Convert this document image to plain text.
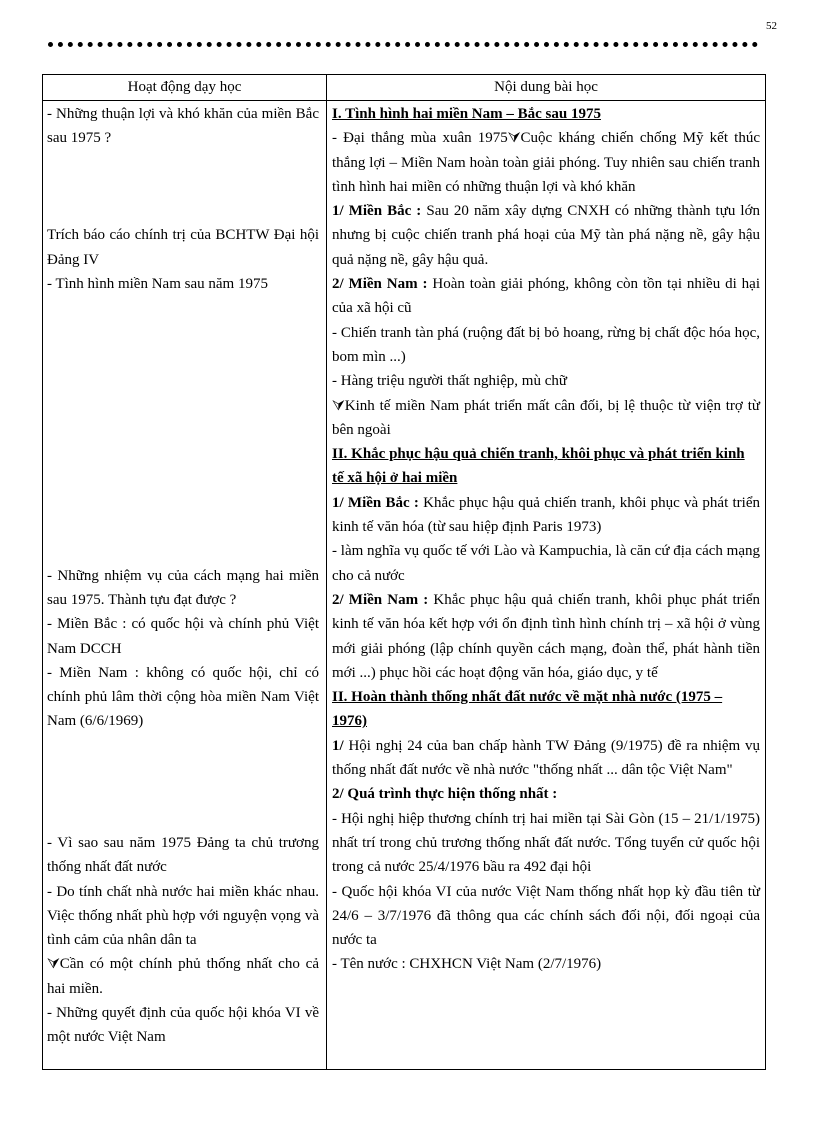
52
Hoạt động dạy học	Nội dung bài học

- Những thuận lợi và khó khăn của miền Bắc sau 1975 ?

Trích báo cáo chính trị của BCHTW Đại hội Đảng IV

- Tình hình miền Nam sau năm 1975

- Những nhiệm vụ của cách mạng hai miền sau 1975. Thành tựu đạt được ?

- Miền Bắc : có quốc hội và chính phủ Việt Nam DCCH

- Miền Nam : không có quốc hội, chỉ có chính phủ lâm thời cộng hòa miền Nam Việt Nam (6/6/1969)

- Vì sao sau năm 1975 Đảng ta chủ trương thống nhất đất nước

- Do tính chất nhà nước hai miền khác nhau. Việc thống nhất phù hợp với nguyện vọng và tình cảm của nhân dân ta

⮛Cần có một chính phủ thống nhất cho cả hai miền.

- Những quyết định của quốc hội khóa VI về một nước Việt Nam

I. Tình hình hai miền Nam – Bắc sau 1975

- Đại thắng mùa xuân 1975⮛Cuộc kháng chiến chống Mỹ kết thúc thắng lợi – Miền Nam hoàn toàn giải phóng. Tuy nhiên sau chiến tranh tình hình hai miền có những thuận lợi và khó khăn

1/ Miền Bắc : Sau 20 năm xây dựng CNXH có những thành tựu lớn nhưng bị cuộc chiến tranh phá hoại của Mỹ tàn phá nặng nề, gây hậu quả nặng nề, gây hậu quả.

2/ Miền Nam : Hoàn toàn giải phóng, không còn tồn tại nhiều di hại của xã hội cũ

- Chiến tranh tàn phá (ruộng đất bị bỏ hoang, rừng bị chất độc hóa học, bom mìn ...)

- Hàng triệu người thất nghiệp, mù chữ

⮛Kinh tế miền Nam phát triển mất cân đối, bị lệ thuộc từ viện trợ từ bên ngoài

II. Khắc phục hậu quả chiến tranh, khôi phục và phát triển kinh tế xã hội ở hai miền

1/ Miền Bắc : Khắc phục hậu quả chiến tranh, khôi phục và phát triển kinh tế văn hóa (từ sau hiệp định Paris 1973)

- làm nghĩa vụ quốc tế với Lào và Kampuchia, là căn cứ địa cách mạng cho cả nước

2/ Miền Nam : Khắc phục hậu quả chiến tranh, khôi phục phát triển kinh tế văn hóa kết hợp với ổn định tình hình chính trị – xã hội ở vùng mới giải phóng (lập chính quyền cách mạng, đoàn thể, phát hành tiền mới ...) phục hồi các hoạt động văn hóa, giáo dục, y tế

II. Hoàn thành thống nhất đất nước về mặt nhà nước (1975 – 1976)

1/ Hội nghị 24 của ban chấp hành TW Đảng (9/1975) đề ra nhiệm vụ thống nhất đất nước về nhà nước "thống nhất ... dân tộc Việt Nam"

2/ Quá trình thực hiện thống nhất :

- Hội nghị hiệp thương chính trị hai miền tại Sài Gòn (15 – 21/1/1975) nhất trí trong chủ trương thống nhất đất nước. Tổng tuyển cử quốc hội trong cả nước 25/4/1976 bầu ra 492 đại hội

- Quốc hội khóa VI của nước Việt Nam thống nhất họp kỳ đầu tiên từ 24/6 – 3/7/1976 đã thông qua các chính sách đối nội, đối ngoại của nước ta

- Tên nước : CHXHCN Việt Nam (2/7/1976)
